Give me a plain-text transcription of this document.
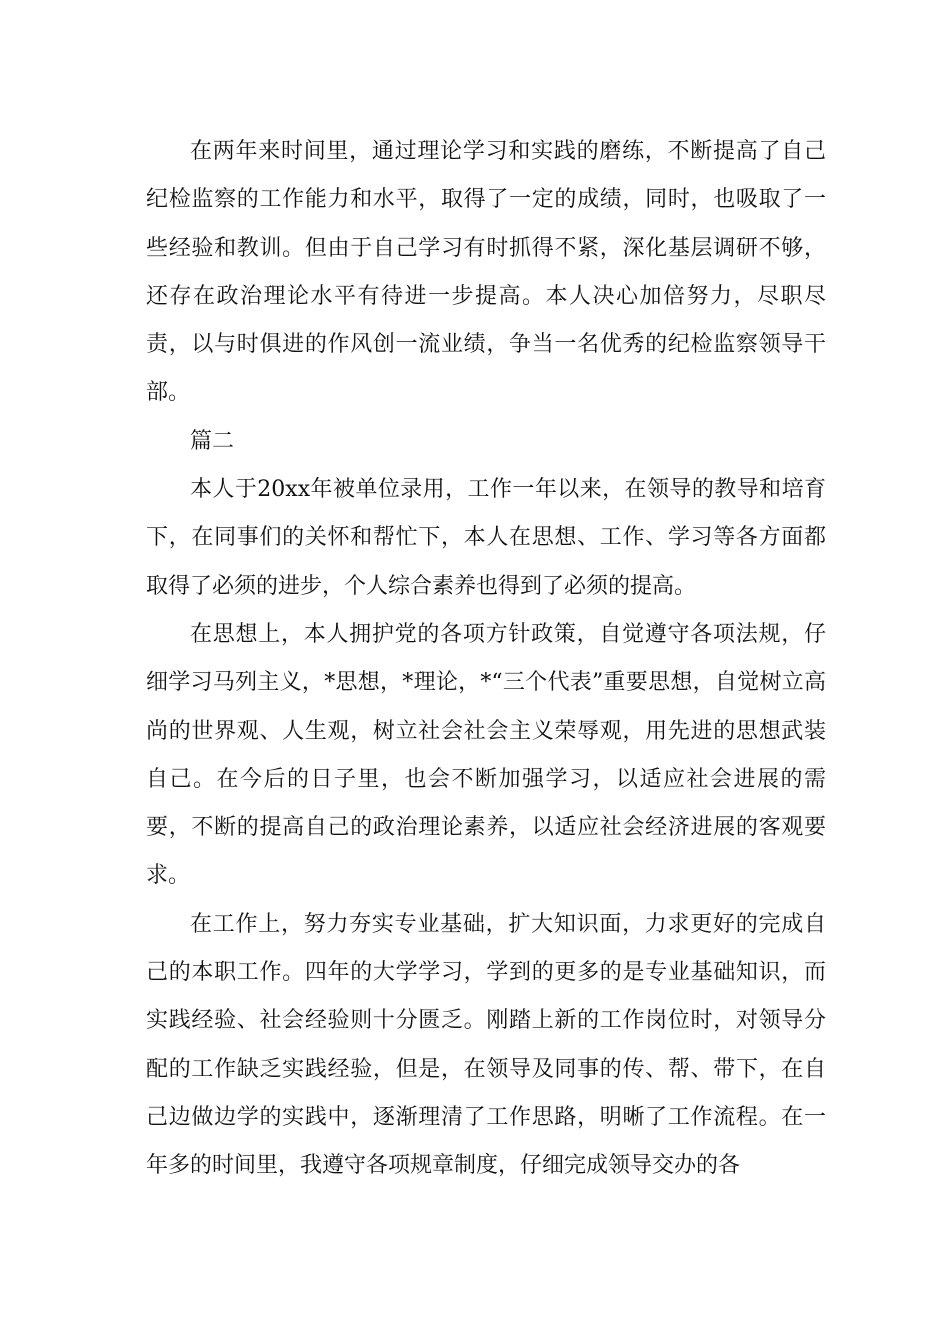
在两年来时间里，通过理论学习和实践的磨练，不断提高了自己纪检监察的工作能力和水平，取得了一定的成绩，同时，也吸取了一些经验和教训。但由于自己学习有时抓得不紧，深化基层调研不够，还存在政治理论水平有待进一步提高。本人决心加倍努力，尽职尽责，以与时俱进的作风创一流业绩，争当一名优秀的纪检监察领导干部。

篇二

本人于20xx年被单位录用，工作一年以来，在领导的教导和培育下，在同事们的关怀和帮忙下，本人在思想、工作、学习等各方面都取得了必须的进步，个人综合素养也得到了必须的提高。

在思想上，本人拥护党的各项方针政策，自觉遵守各项法规，仔细学习马列主义，*思想，*理论，*“三个代表”重要思想，自觉树立高尚的世界观、人生观，树立社会社会主义荣辱观，用先进的思想武装自己。在今后的日子里，也会不断加强学习，以适应社会进展的需要，不断的提高自己的政治理论素养，以适应社会经济进展的客观要求。

在工作上，努力夯实专业基础，扩大知识面，力求更好的完成自己的本职工作。四年的大学学习，学到的更多的是专业基础知识，而实践经验、社会经验则十分匮乏。刚踏上新的工作岗位时，对领导分配的工作缺乏实践经验，但是，在领导及同事的传、帮、带下，在自己边做边学的实践中，逐渐理清了工作思路，明晰了工作流程。在一年多的时间里，我遵守各项规章制度，仔细完成领导交办的各
